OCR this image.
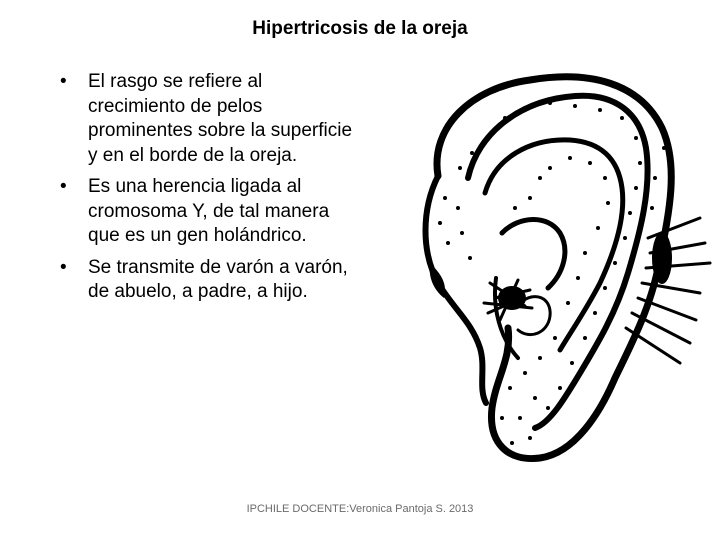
Hipertricosis de la oreja
• El rasgo se refiere al crecimiento de pelos prominentes sobre la superficie y en el borde de la oreja.
• Es una herencia ligada al cromosoma Y, de tal manera que es un gen holándrico.
• Se transmite de varón a varón, de abuelo, a padre, a hijo.
IPCHILE DOCENTE:Veronica Pantoja S. 2013
